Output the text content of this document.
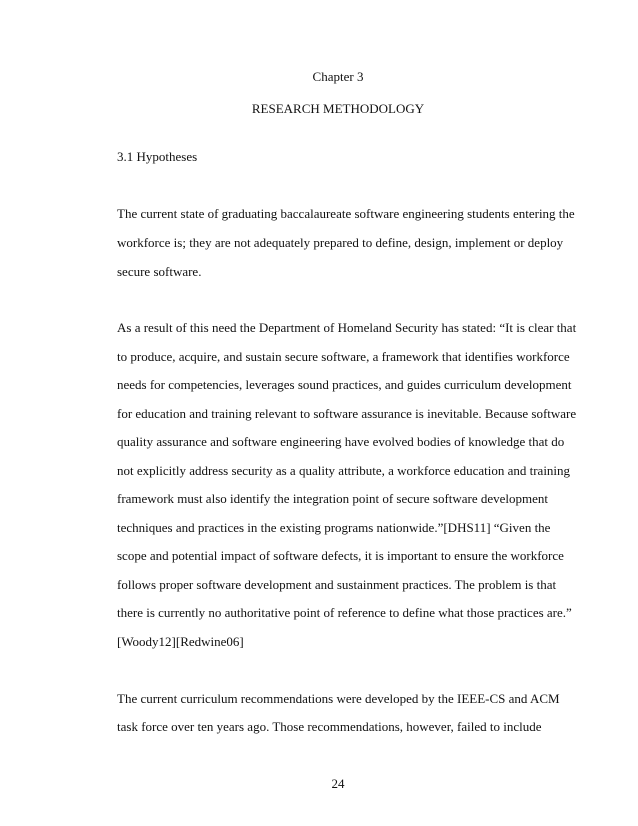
Chapter 3
RESEARCH METHODOLOGY
3.1 Hypotheses
The current state of graduating baccalaureate software engineering students entering the
workforce is; they are not adequately prepared to define, design, implement or deploy
secure software.
As a result of this need the Department of Homeland Security has stated: “It is clear that
to produce, acquire, and sustain secure software, a framework that identifies workforce
needs for competencies, leverages sound practices, and guides curriculum development
for education and training relevant to software assurance is inevitable. Because software
quality assurance and software engineering have evolved bodies of knowledge that do
not explicitly address security as a quality attribute, a workforce education and training
framework must also identify the integration point of secure software development
techniques and practices in the existing programs nationwide.”[DHS11] “Given the
scope and potential impact of software defects, it is important to ensure the workforce
follows proper software development and sustainment practices. The problem is that
there is currently no authoritative point of reference to define what those practices are.”
[Woody12][Redwine06]
The current curriculum recommendations were developed by the IEEE-CS and ACM
task force over ten years ago. Those recommendations, however, failed to include
24
